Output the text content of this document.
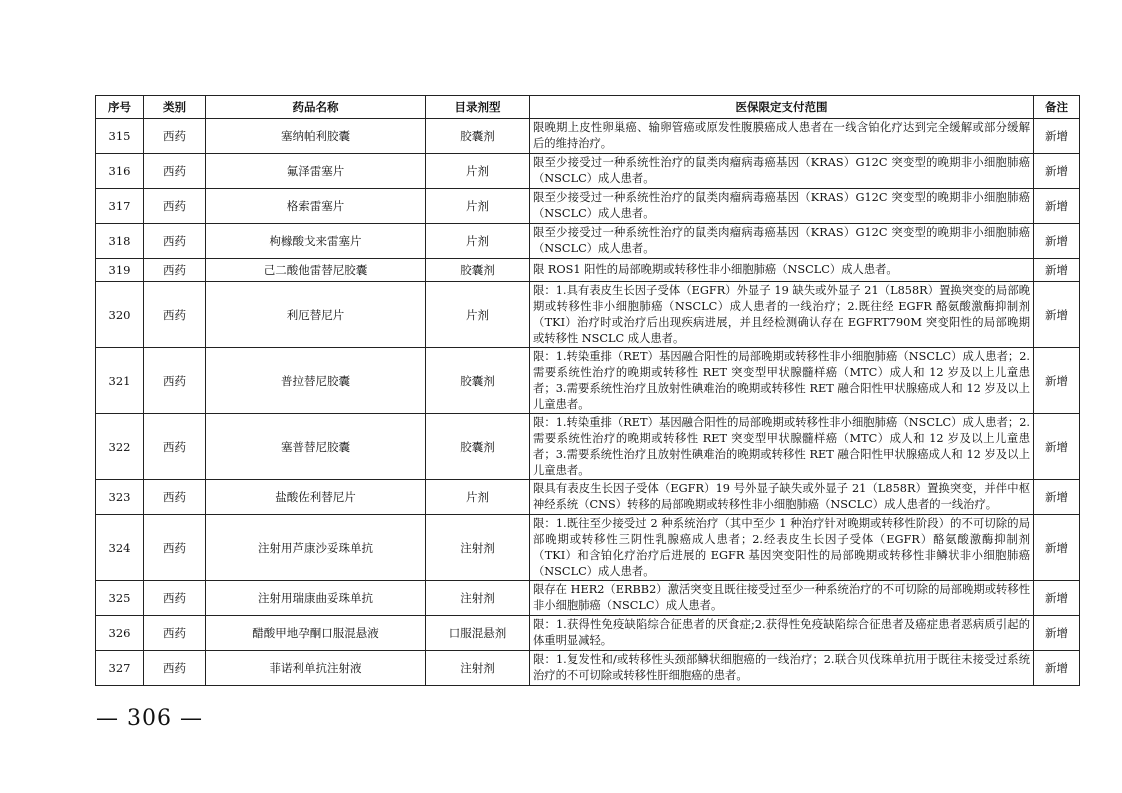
序号	类别	药品名称	目录剂型	医保限定支付范围	备注
315	西药	塞纳帕利胶囊	胶囊剂	限晚期上皮性卵巢癌、输卵管癌或原发性腹膜癌成人患者在一线含铂化疗达到完全缓解或部分缓解后的维持治疗。	新增
316	西药	氟泽雷塞片	片剂	限至少接受过一种系统性治疗的鼠类肉瘤病毒癌基因（KRAS）G12C 突变型的晚期非小细胞肺癌（NSCLC）成人患者。	新增
317	西药	格索雷塞片	片剂	限至少接受过一种系统性治疗的鼠类肉瘤病毒癌基因（KRAS）G12C 突变型的晚期非小细胞肺癌（NSCLC）成人患者。	新增
318	西药	枸橼酸戈来雷塞片	片剂	限至少接受过一种系统性治疗的鼠类肉瘤病毒癌基因（KRAS）G12C 突变型的晚期非小细胞肺癌（NSCLC）成人患者。	新增
319	西药	己二酸他雷替尼胶囊	胶囊剂	限 ROS1 阳性的局部晚期或转移性非小细胞肺癌（NSCLC）成人患者。	新增
320	西药	利厄替尼片	片剂	限：1.具有表皮生长因子受体（EGFR）外显子 19 缺失或外显子 21（L858R）置换突变的局部晚期或转移性非小细胞肺癌（NSCLC）成人患者的一线治疗；2.既往经 EGFR 酪氨酸激酶抑制剂（TKI）治疗时或治疗后出现疾病进展，并且经检测确认存在 EGFRT790M 突变阳性的局部晚期或转移性 NSCLC 成人患者。	新增
321	西药	普拉替尼胶囊	胶囊剂	限：1.转染重排（RET）基因融合阳性的局部晚期或转移性非小细胞肺癌（NSCLC）成人患者；2.需要系统性治疗的晚期或转移性 RET 突变型甲状腺髓样癌（MTC）成人和 12 岁及以上儿童患者；3.需要系统性治疗且放射性碘难治的晚期或转移性 RET 融合阳性甲状腺癌成人和 12 岁及以上儿童患者。	新增
322	西药	塞普替尼胶囊	胶囊剂	限：1.转染重排（RET）基因融合阳性的局部晚期或转移性非小细胞肺癌（NSCLC）成人患者；2.需要系统性治疗的晚期或转移性 RET 突变型甲状腺髓样癌（MTC）成人和 12 岁及以上儿童患者；3.需要系统性治疗且放射性碘难治的晚期或转移性 RET 融合阳性甲状腺癌成人和 12 岁及以上儿童患者。	新增
323	西药	盐酸佐利替尼片	片剂	限具有表皮生长因子受体（EGFR）19 号外显子缺失或外显子 21（L858R）置换突变，并伴中枢神经系统（CNS）转移的局部晚期或转移性非小细胞肺癌（NSCLC）成人患者的一线治疗。	新增
324	西药	注射用芦康沙妥珠单抗	注射剂	限：1.既往至少接受过 2 种系统治疗（其中至少 1 种治疗针对晚期或转移性阶段）的不可切除的局部晚期或转移性三阴性乳腺癌成人患者；2.经表皮生长因子受体（EGFR）酪氨酸激酶抑制剂（TKI）和含铂化疗治疗后进展的 EGFR 基因突变阳性的局部晚期或转移性非鳞状非小细胞肺癌（NSCLC）成人患者。	新增
325	西药	注射用瑞康曲妥珠单抗	注射剂	限存在 HER2（ERBB2）激活突变且既往接受过至少一种系统治疗的不可切除的局部晚期或转移性非小细胞肺癌（NSCLC）成人患者。	新增
326	西药	醋酸甲地孕酮口服混悬液	口服混悬剂	限：1.获得性免疫缺陷综合征患者的厌食症;2.获得性免疫缺陷综合征患者及癌症患者恶病质引起的体重明显减轻。	新增
327	西药	菲诺利单抗注射液	注射剂	限：1.复发性和/或转移性头颈部鳞状细胞癌的一线治疗；2.联合贝伐珠单抗用于既往未接受过系统治疗的不可切除或转移性肝细胞癌的患者。	新增
— 306 —
